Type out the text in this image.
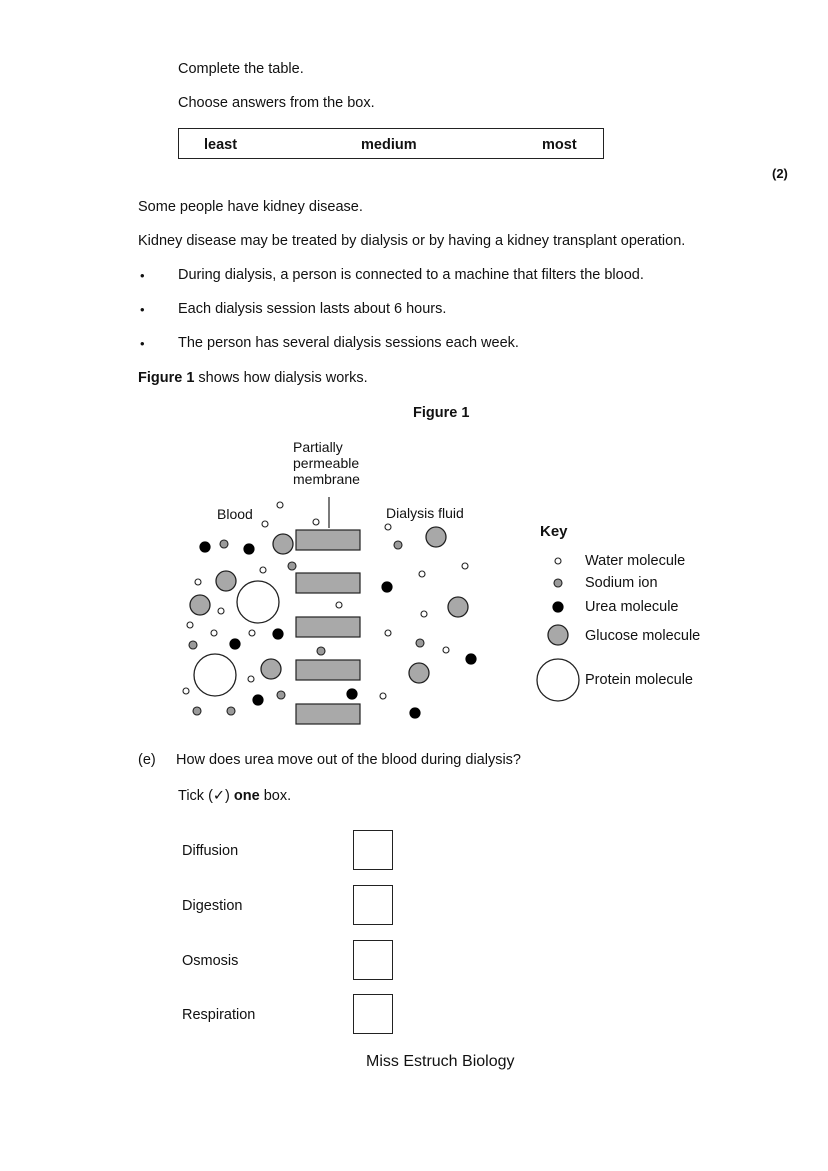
Complete the table.
Choose answers from the box.
least	medium	most
(2)
Some people have kidney disease.
Kidney disease may be treated by dialysis or by having a kidney transplant operation.
• During dialysis, a person is connected to a machine that filters the blood.
• Each dialysis session lasts about 6 hours.
• The person has several dialysis sessions each week.
Figure 1 shows how dialysis works.
Figure 1
Partially
permeable
membrane
Blood	Dialysis fluid
Key
Water molecule
Sodium ion
Urea molecule
Glucose molecule
Protein molecule
(e) How does urea move out of the blood during dialysis?
Tick (✓) one box.
Diffusion
Digestion
Osmosis
Respiration
Miss Estruch Biology
